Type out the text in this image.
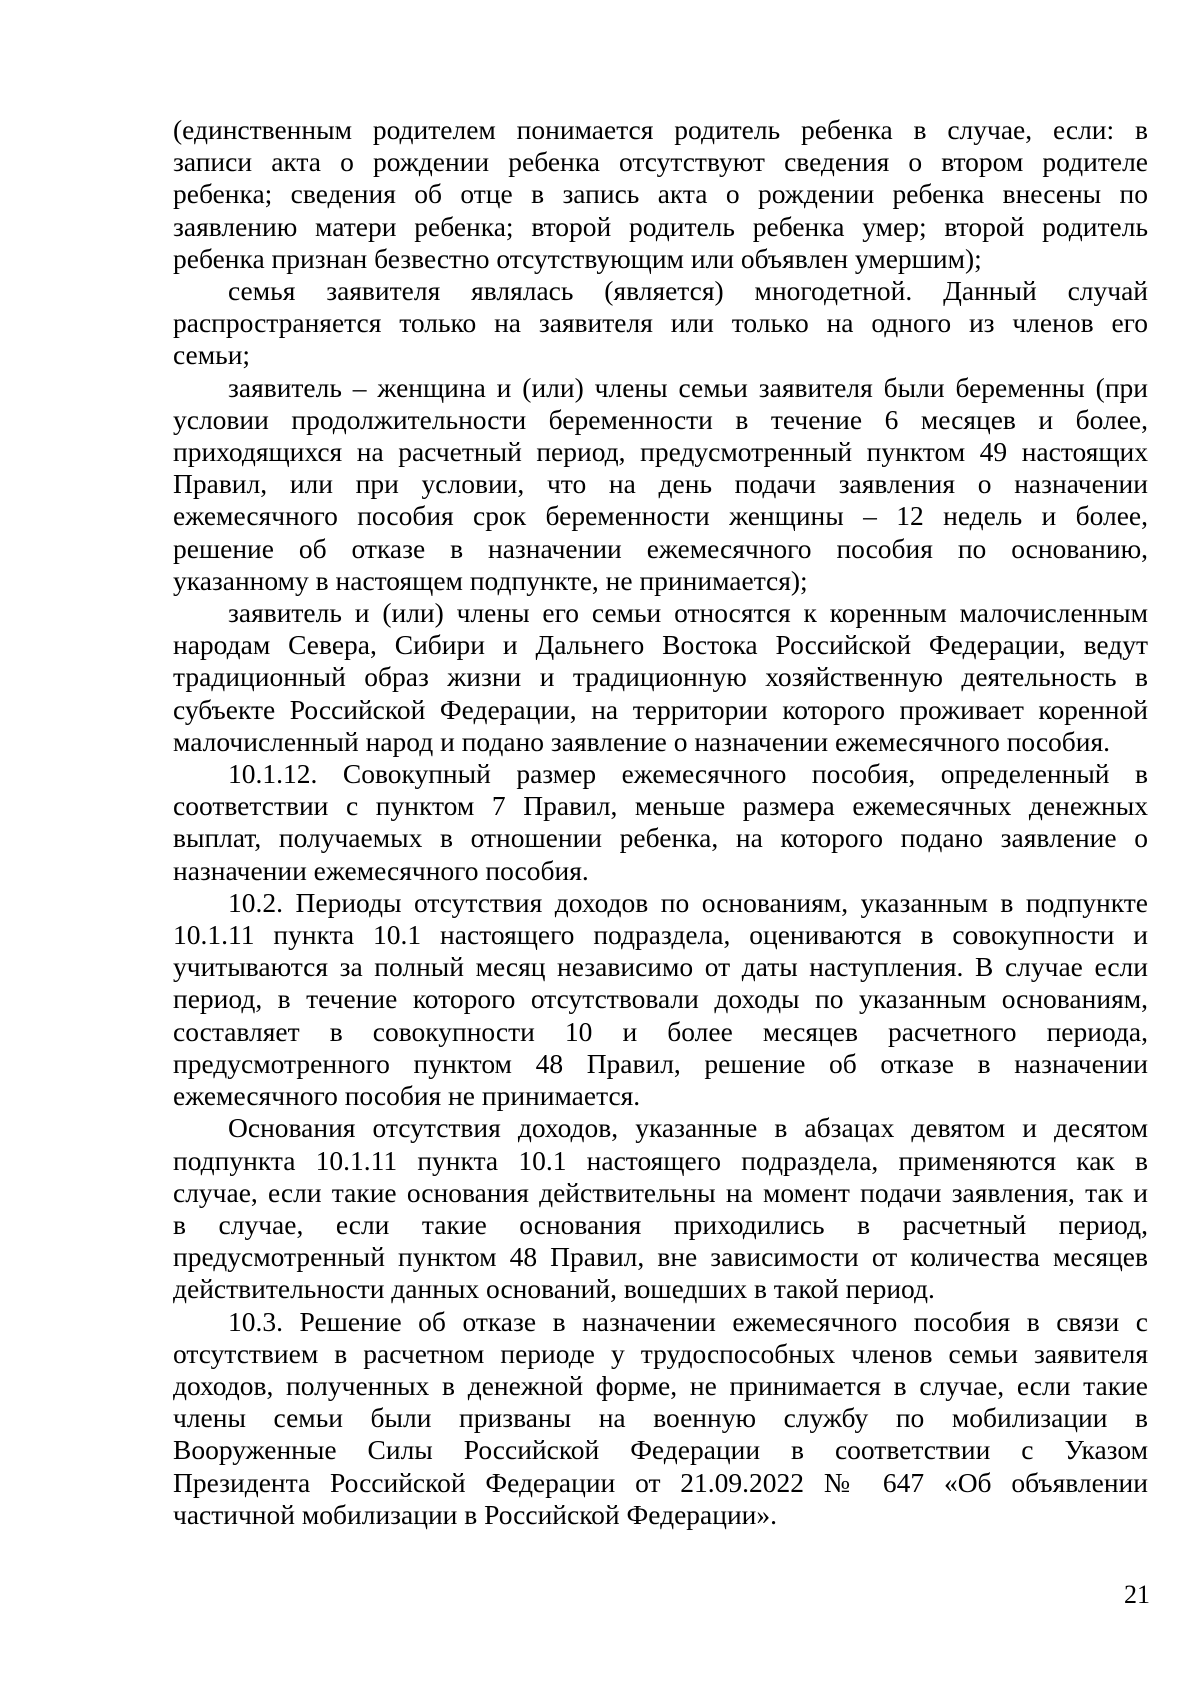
(единственным родителем понимается родитель ребенка в случае, если: в
записи акта о рождении ребенка отсутствуют сведения о втором родителе
ребенка; сведения об отце в запись акта о рождении ребенка внесены по
заявлению матери ребенка; второй родитель ребенка умер; второй родитель
ребенка признан безвестно отсутствующим или объявлен умершим);
семья заявителя являлась (является) многодетной. Данный случай
распространяется только на заявителя или только на одного из членов его
семьи;
заявитель – женщина и (или) члены семьи заявителя были беременны (при
условии продолжительности беременности в течение 6 месяцев и более,
приходящихся на расчетный период, предусмотренный пунктом 49 настоящих
Правил, или при условии, что на день подачи заявления о назначении
ежемесячного пособия срок беременности женщины – 12 недель и более,
решение об отказе в назначении ежемесячного пособия по основанию,
указанному в настоящем подпункте, не принимается);
заявитель и (или) члены его семьи относятся к коренным малочисленным
народам Севера, Сибири и Дальнего Востока Российской Федерации, ведут
традиционный образ жизни и традиционную хозяйственную деятельность в
субъекте Российской Федерации, на территории которого проживает коренной
малочисленный народ и подано заявление о назначении ежемесячного пособия.
10.1.12. Совокупный размер ежемесячного пособия, определенный в
соответствии с пунктом 7 Правил, меньше размера ежемесячных денежных
выплат, получаемых в отношении ребенка, на которого подано заявление о
назначении ежемесячного пособия.
10.2. Периоды отсутствия доходов по основаниям, указанным в подпункте
10.1.11 пункта 10.1 настоящего подраздела, оцениваются в совокупности и
учитываются за полный месяц независимо от даты наступления. В случае если
период, в течение которого отсутствовали доходы по указанным основаниям,
составляет в совокупности 10 и более месяцев расчетного периода,
предусмотренного пунктом 48 Правил, решение об отказе в назначении
ежемесячного пособия не принимается.
Основания отсутствия доходов, указанные в абзацах девятом и десятом
подпункта 10.1.11 пункта 10.1 настоящего подраздела, применяются как в
случае, если такие основания действительны на момент подачи заявления, так и
в случае, если такие основания приходились в расчетный период,
предусмотренный пунктом 48 Правил, вне зависимости от количества месяцев
действительности данных оснований, вошедших в такой период.
10.3. Решение об отказе в назначении ежемесячного пособия в связи с
отсутствием в расчетном периоде у трудоспособных членов семьи заявителя
доходов, полученных в денежной форме, не принимается в случае, если такие
члены семьи были призваны на военную службу по мобилизации в
Вооруженные Силы Российской Федерации в соответствии с Указом
Президента Российской Федерации от 21.09.2022 № 647 «Об объявлении
частичной мобилизации в Российской Федерации».
21
